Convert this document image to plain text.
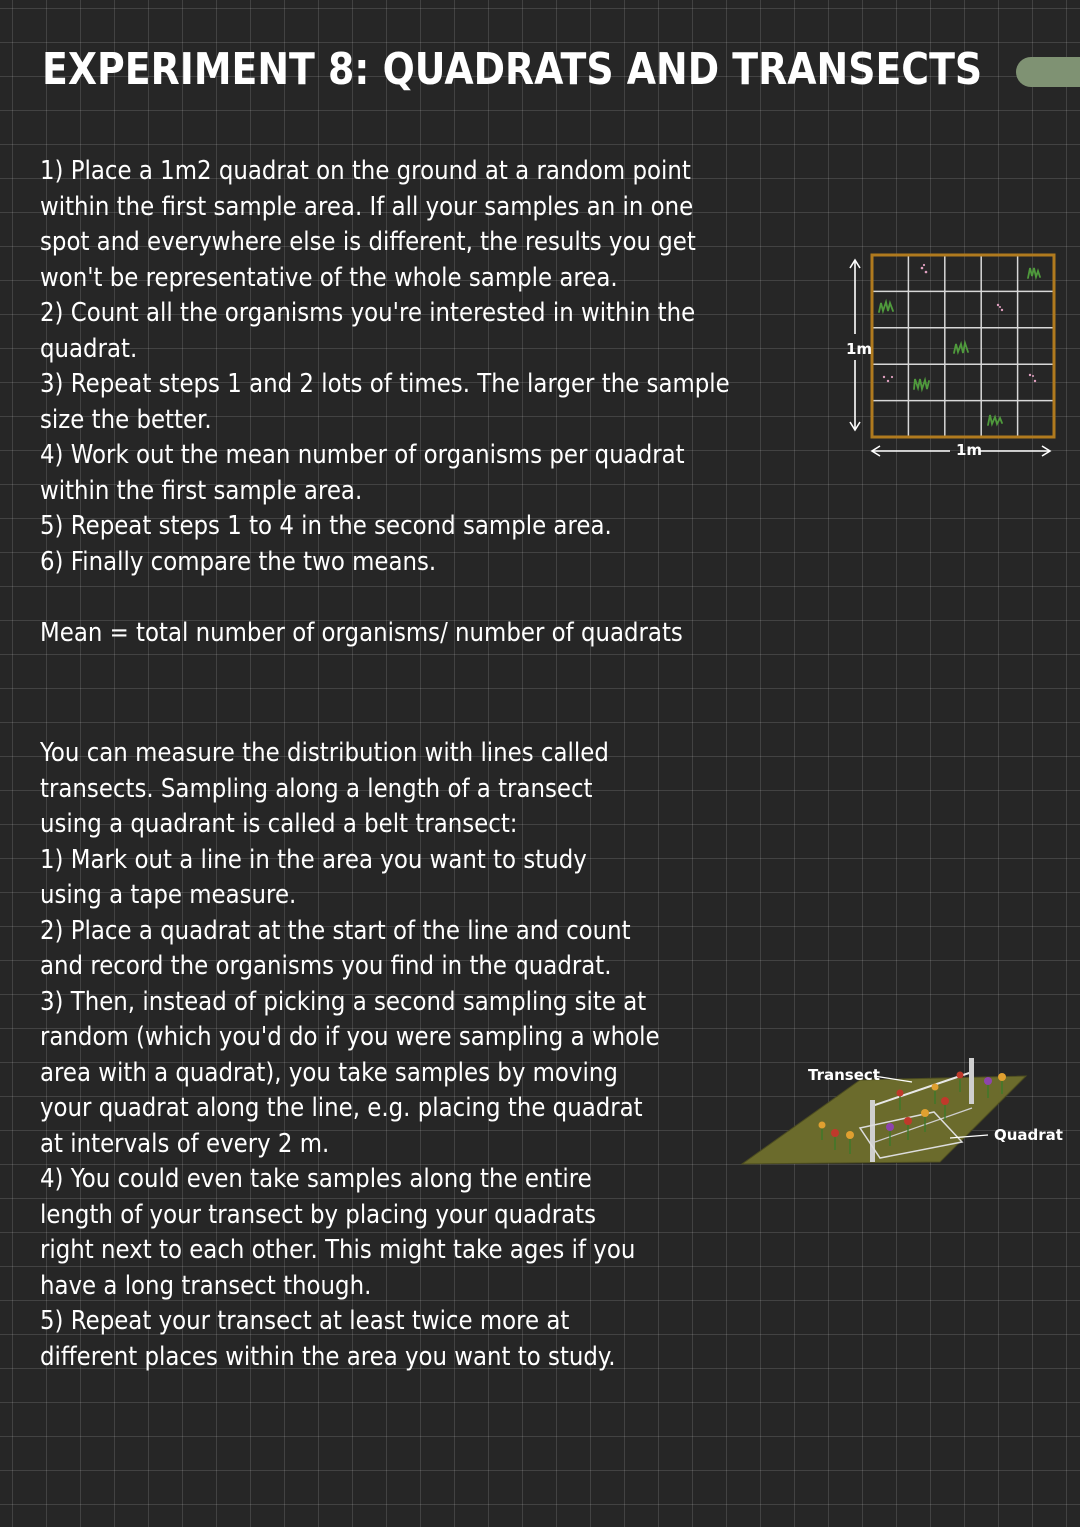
EXPERIMENT 8: QUADRATS AND TRANSECTS
1) Place a 1m2 quadrat on the ground at a random point
within the first sample area. If all your samples an in one
spot and everywhere else is different, the results you get
won't be representative of the whole sample area.
2) Count all the organisms you're interested in within the
quadrat.
3) Repeat steps 1 and 2 lots of times. The larger the sample
size the better.
4) Work out the mean number of organisms per quadrat
within the first sample area.
5) Repeat steps 1 to 4 in the second sample area.
6) Finally compare the two means.
Mean = total number of organisms/ number of quadrats
You can measure the distribution with lines called
transects. Sampling along a length of a transect
using a quadrant is called a belt transect:
1) Mark out a line in the area you want to study
using a tape measure.
2) Place a quadrat at the start of the line and count
and record the organisms you find in the quadrat.
3) Then, instead of picking a second sampling site at
random (which you'd do if you were sampling a whole
area with a quadrat), you take samples by moving
your quadrat along the line, e.g. placing the quadrat
at intervals of every 2 m.
4) You could even take samples along the entire
length of your transect by placing your quadrats
right next to each other. This might take ages if you
have a long transect though.
5) Repeat your transect at least twice more at
different places within the area you want to study.
1m
1m
Transect
Quadrat
